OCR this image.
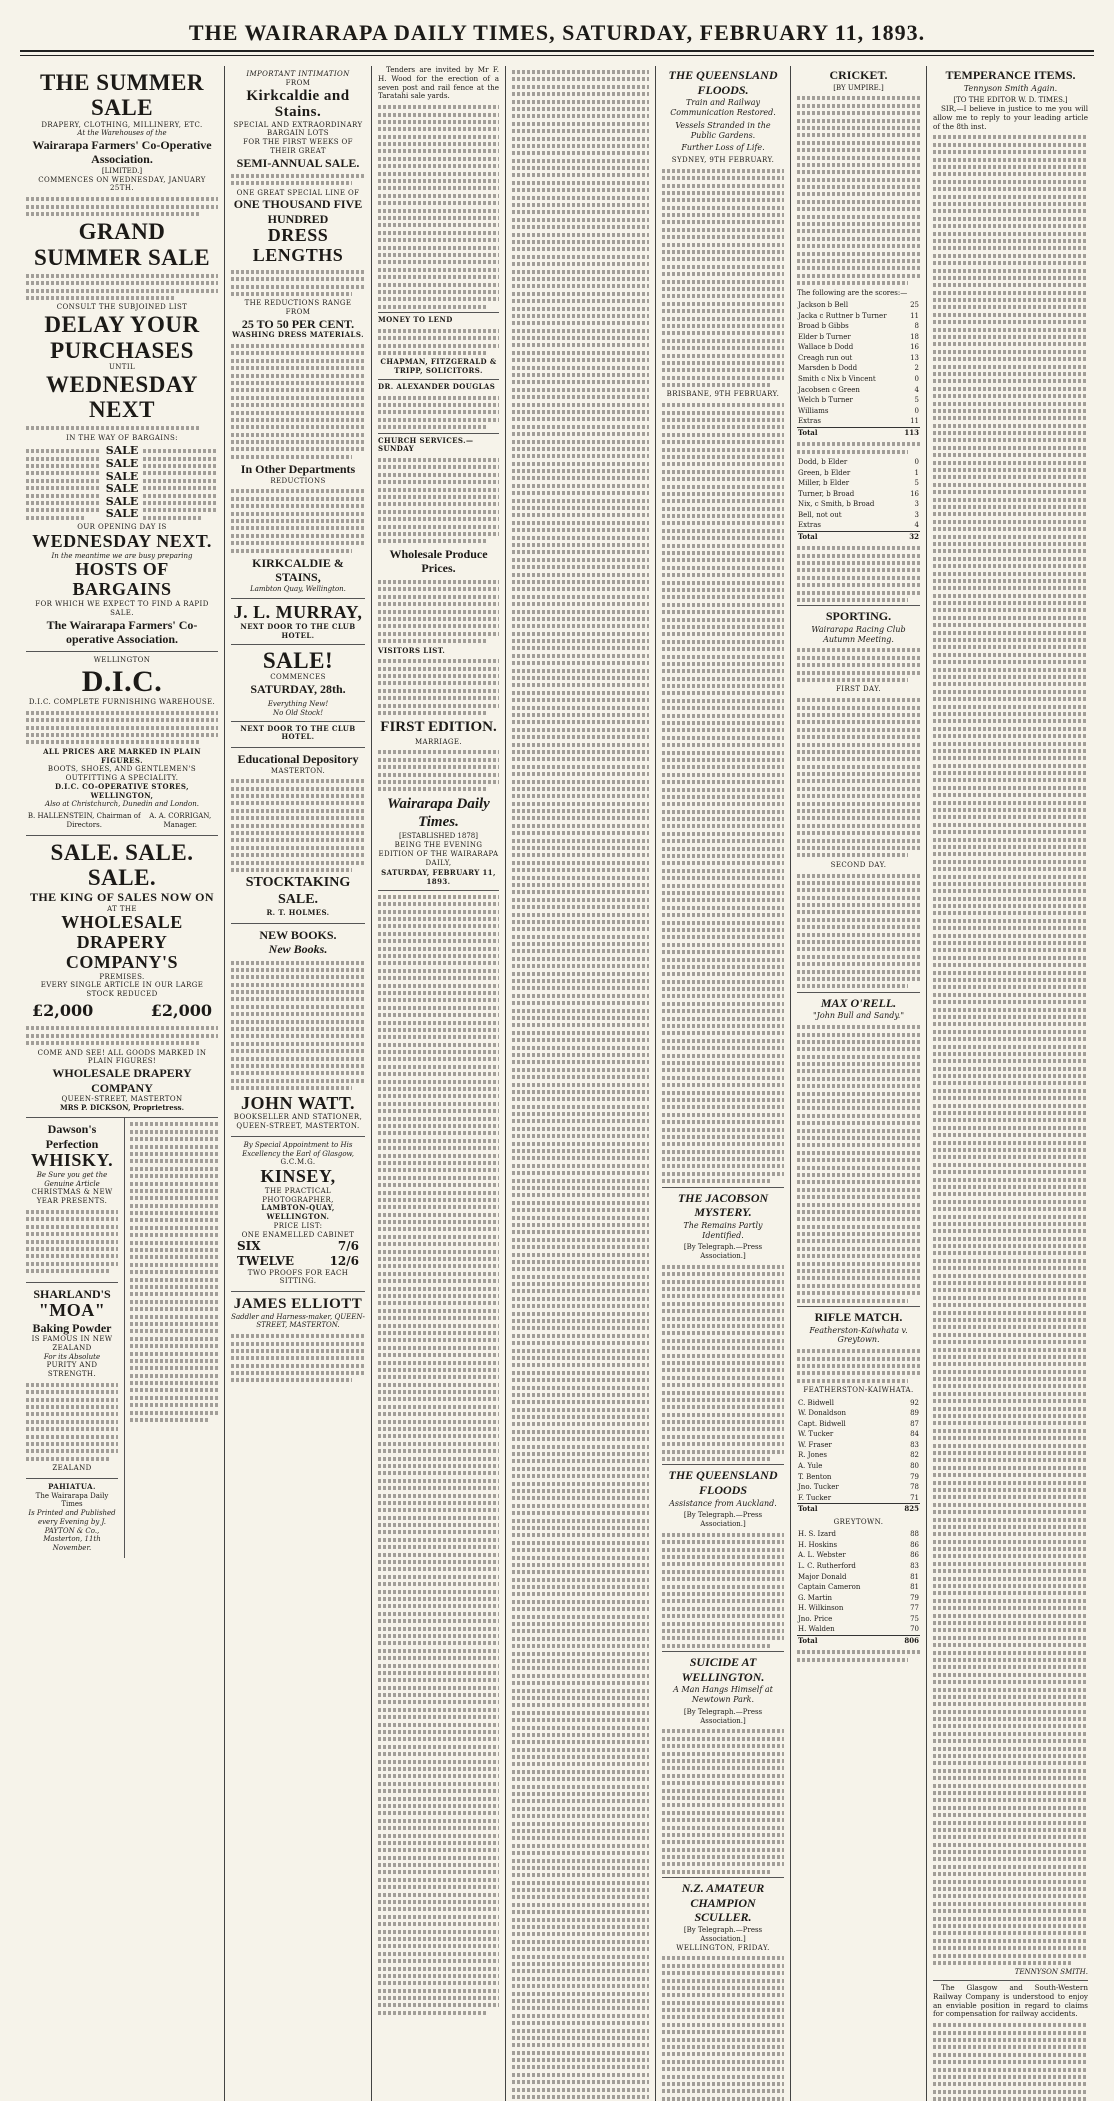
THE WAIRARAPA DAILY TIMES, SATURDAY, FEBRUARY 11, 1893.
THE SUMMER SALE
DRAPERY, CLOTHING, MILLINERY, ETC.
At the Warehouses of the
Wairarapa Farmers' Co-Operative Association.
[LIMITED.]
COMMENCES ON WEDNESDAY, JANUARY 25TH.
GRAND SUMMER SALE
CONSULT THE SUBJOINED LIST
DELAY YOUR PURCHASES
UNTIL
WEDNESDAY NEXT
IN THE WAY OF BARGAINS:
SALE
SALE
SALE
SALE
SALE
SALE
OUR OPENING DAY IS
WEDNESDAY NEXT.
In the meantime we are busy preparing
HOSTS OF BARGAINS
FOR WHICH WE EXPECT TO FIND A RAPID SALE.
The Wairarapa Farmers' Co-operative Association.
WELLINGTON
D.I.C.
D.I.C. COMPLETE FURNISHING WAREHOUSE.
ALL PRICES ARE MARKED IN PLAIN FIGURES.
BOOTS, SHOES, AND GENTLEMEN'S OUTFITTING A SPECIALITY.
D.I.C. CO-OPERATIVE STORES, WELLINGTON,
Also at Christchurch, Dunedin and London.
B. HALLENSTEIN, Chairman of Directors.
A. A. CORRIGAN, Manager.
SALE. SALE. SALE.
THE KING OF SALES NOW ON
AT THE
WHOLESALE DRAPERY COMPANY'S
PREMISES.
EVERY SINGLE ARTICLE IN OUR LARGE STOCK REDUCED
£2,000	£2,000
COME AND SEE! ALL GOODS MARKED IN PLAIN FIGURES!
WHOLESALE DRAPERY COMPANY
QUEEN-STREET, MASTERTON
MRS P. DICKSON, Proprietress.
Dawson's Perfection
WHISKY.
Be Sure you get the Genuine Article
CHRISTMAS & NEW YEAR PRESENTS.
SHARLAND'S
"MOA"
Baking Powder
IS FAMOUS IN NEW ZEALAND
For its Absolute
PURITY AND STRENGTH.
ZEALAND
PAHIATUA.
The Wairarapa Daily Times
Is Printed and Published every Evening by J. PAYTON & Co., Masterton, 11th November.
IMPORTANT INTIMATION
FROM
Kirkcaldie and Stains.
SPECIAL AND EXTRAORDINARY BARGAIN LOTS
FOR THE FIRST WEEKS OF THEIR GREAT
SEMI-ANNUAL SALE.
ONE GREAT SPECIAL LINE OF
ONE THOUSAND FIVE HUNDRED
DRESS LENGTHS
THE REDUCTIONS RANGE FROM
25 TO 50 PER CENT.
WASHING DRESS MATERIALS.
In Other Departments
REDUCTIONS
KIRKCALDIE & STAINS,
Lambton Quay, Wellington.
J. L. MURRAY,
NEXT DOOR TO THE CLUB HOTEL.
SALE!
COMMENCES
SATURDAY, 28th.
Everything New!
No Old Stock!
NEXT DOOR TO THE CLUB HOTEL.
Educational Depository
MASTERTON.
STOCKTAKING SALE.
R. T. HOLMES.
NEW BOOKS.
New Books.
JOHN WATT.
BOOKSELLER AND STATIONER, QUEEN-STREET, MASTERTON.
By Special Appointment to His Excellency the Earl of Glasgow,
G.C.M.G.
KINSEY,
THE PRACTICAL PHOTOGRAPHER,
LAMBTON-QUAY, WELLINGTON.
PRICE LIST:
ONE ENAMELLED CABINET
SIX	7/6
TWELVE	12/6
TWO PROOFS FOR EACH SITTING.
JAMES ELLIOTT
Saddler and Harness-maker, QUEEN-STREET, MASTERTON.

Tenders are invited by Mr F. H. Wood for the erection of a seven post and rail fence at the Taratahi sale yards.

MONEY TO LEND
CHAPMAN, FITZGERALD & TRIPP, SOLICITORS.
DR. ALEXANDER DOUGLAS
CHURCH SERVICES.—SUNDAY
Wholesale Produce Prices.
VISITORS LIST.
FIRST EDITION.
MARRIAGE.
Wairarapa Daily Times.
[ESTABLISHED 1878]
BEING THE EVENING EDITION OF THE WAIRARAPA DAILY,
SATURDAY, FEBRUARY 11, 1893.
THE QUEENSLAND FLOODS.
Train and Railway Communication Restored.
Vessels Stranded in the Public Gardens.
Further Loss of Life.
SYDNEY, 9TH FEBRUARY.
BRISBANE, 9TH FEBRUARY.
THE JACOBSON MYSTERY.
The Remains Partly Identified.
[By Telegraph.—Press Association.]
THE QUEENSLAND FLOODS
Assistance from Auckland.
[By Telegraph.—Press Association.]
SUICIDE AT WELLINGTON.
A Man Hangs Himself at Newtown Park.
[By Telegraph.—Press Association.]
N.Z. AMATEUR CHAMPION SCULLER.
[By Telegraph.—Press Association.]
WELLINGTON, FRIDAY.
CRICKET.
[BY UMPIRE.]
The following are the scores:—
Jackson b Bell	25
Jacka c Ruttner b Turner	11
Broad b Gibbs	8
Elder b Turner	18
Wallace b Dodd	16
Creagh run out	13
Marsden b Dodd	2
Smith c Nix b Vincent	0
Jacobsen c Green	4
Welch b Turner	5
Williams	0
Extras	11
Total	113
Dodd, b Elder	0
Green, b Elder	1
Miller, b Elder	5
Turner, b Broad	16
Nix, c Smith, b Broad	3
Bell, not out	3
Extras	4
Total	32
SPORTING.
Wairarapa Racing Club Autumn Meeting.
FIRST DAY.
SECOND DAY.
MAX O'RELL.
"John Bull and Sandy."
RIFLE MATCH.
Featherston-Kaiwhata v. Greytown.
FEATHERSTON-KAIWHATA.
C. Bidwell	92
W. Donaldson	89
Capt. Bidwell	87
W. Tucker	84
W. Fraser	83
R. Jones	82
A. Yule	80
T. Benton	79
Jno. Tucker	78
F. Tucker	71
Total	825
GREYTOWN.
H. S. Izard	88
H. Hoskins	86
A. L. Webster	86
L. C. Rutherford	83
Major Donald	81
Captain Cameron	81
G. Martin	79
H. Wilkinson	77
Jno. Price	75
H. Walden	70
Total	806
TEMPERANCE ITEMS.
Tennyson Smith Again.
[TO THE EDITOR W. D. TIMES.]

SIR,—I believe in justice to me you will allow me to reply to your leading article of the 8th inst.

TENNYSON SMITH.

The Glasgow and South-Western Railway Company is understood to enjoy an enviable position in regard to claims for compensation for railway accidents.
